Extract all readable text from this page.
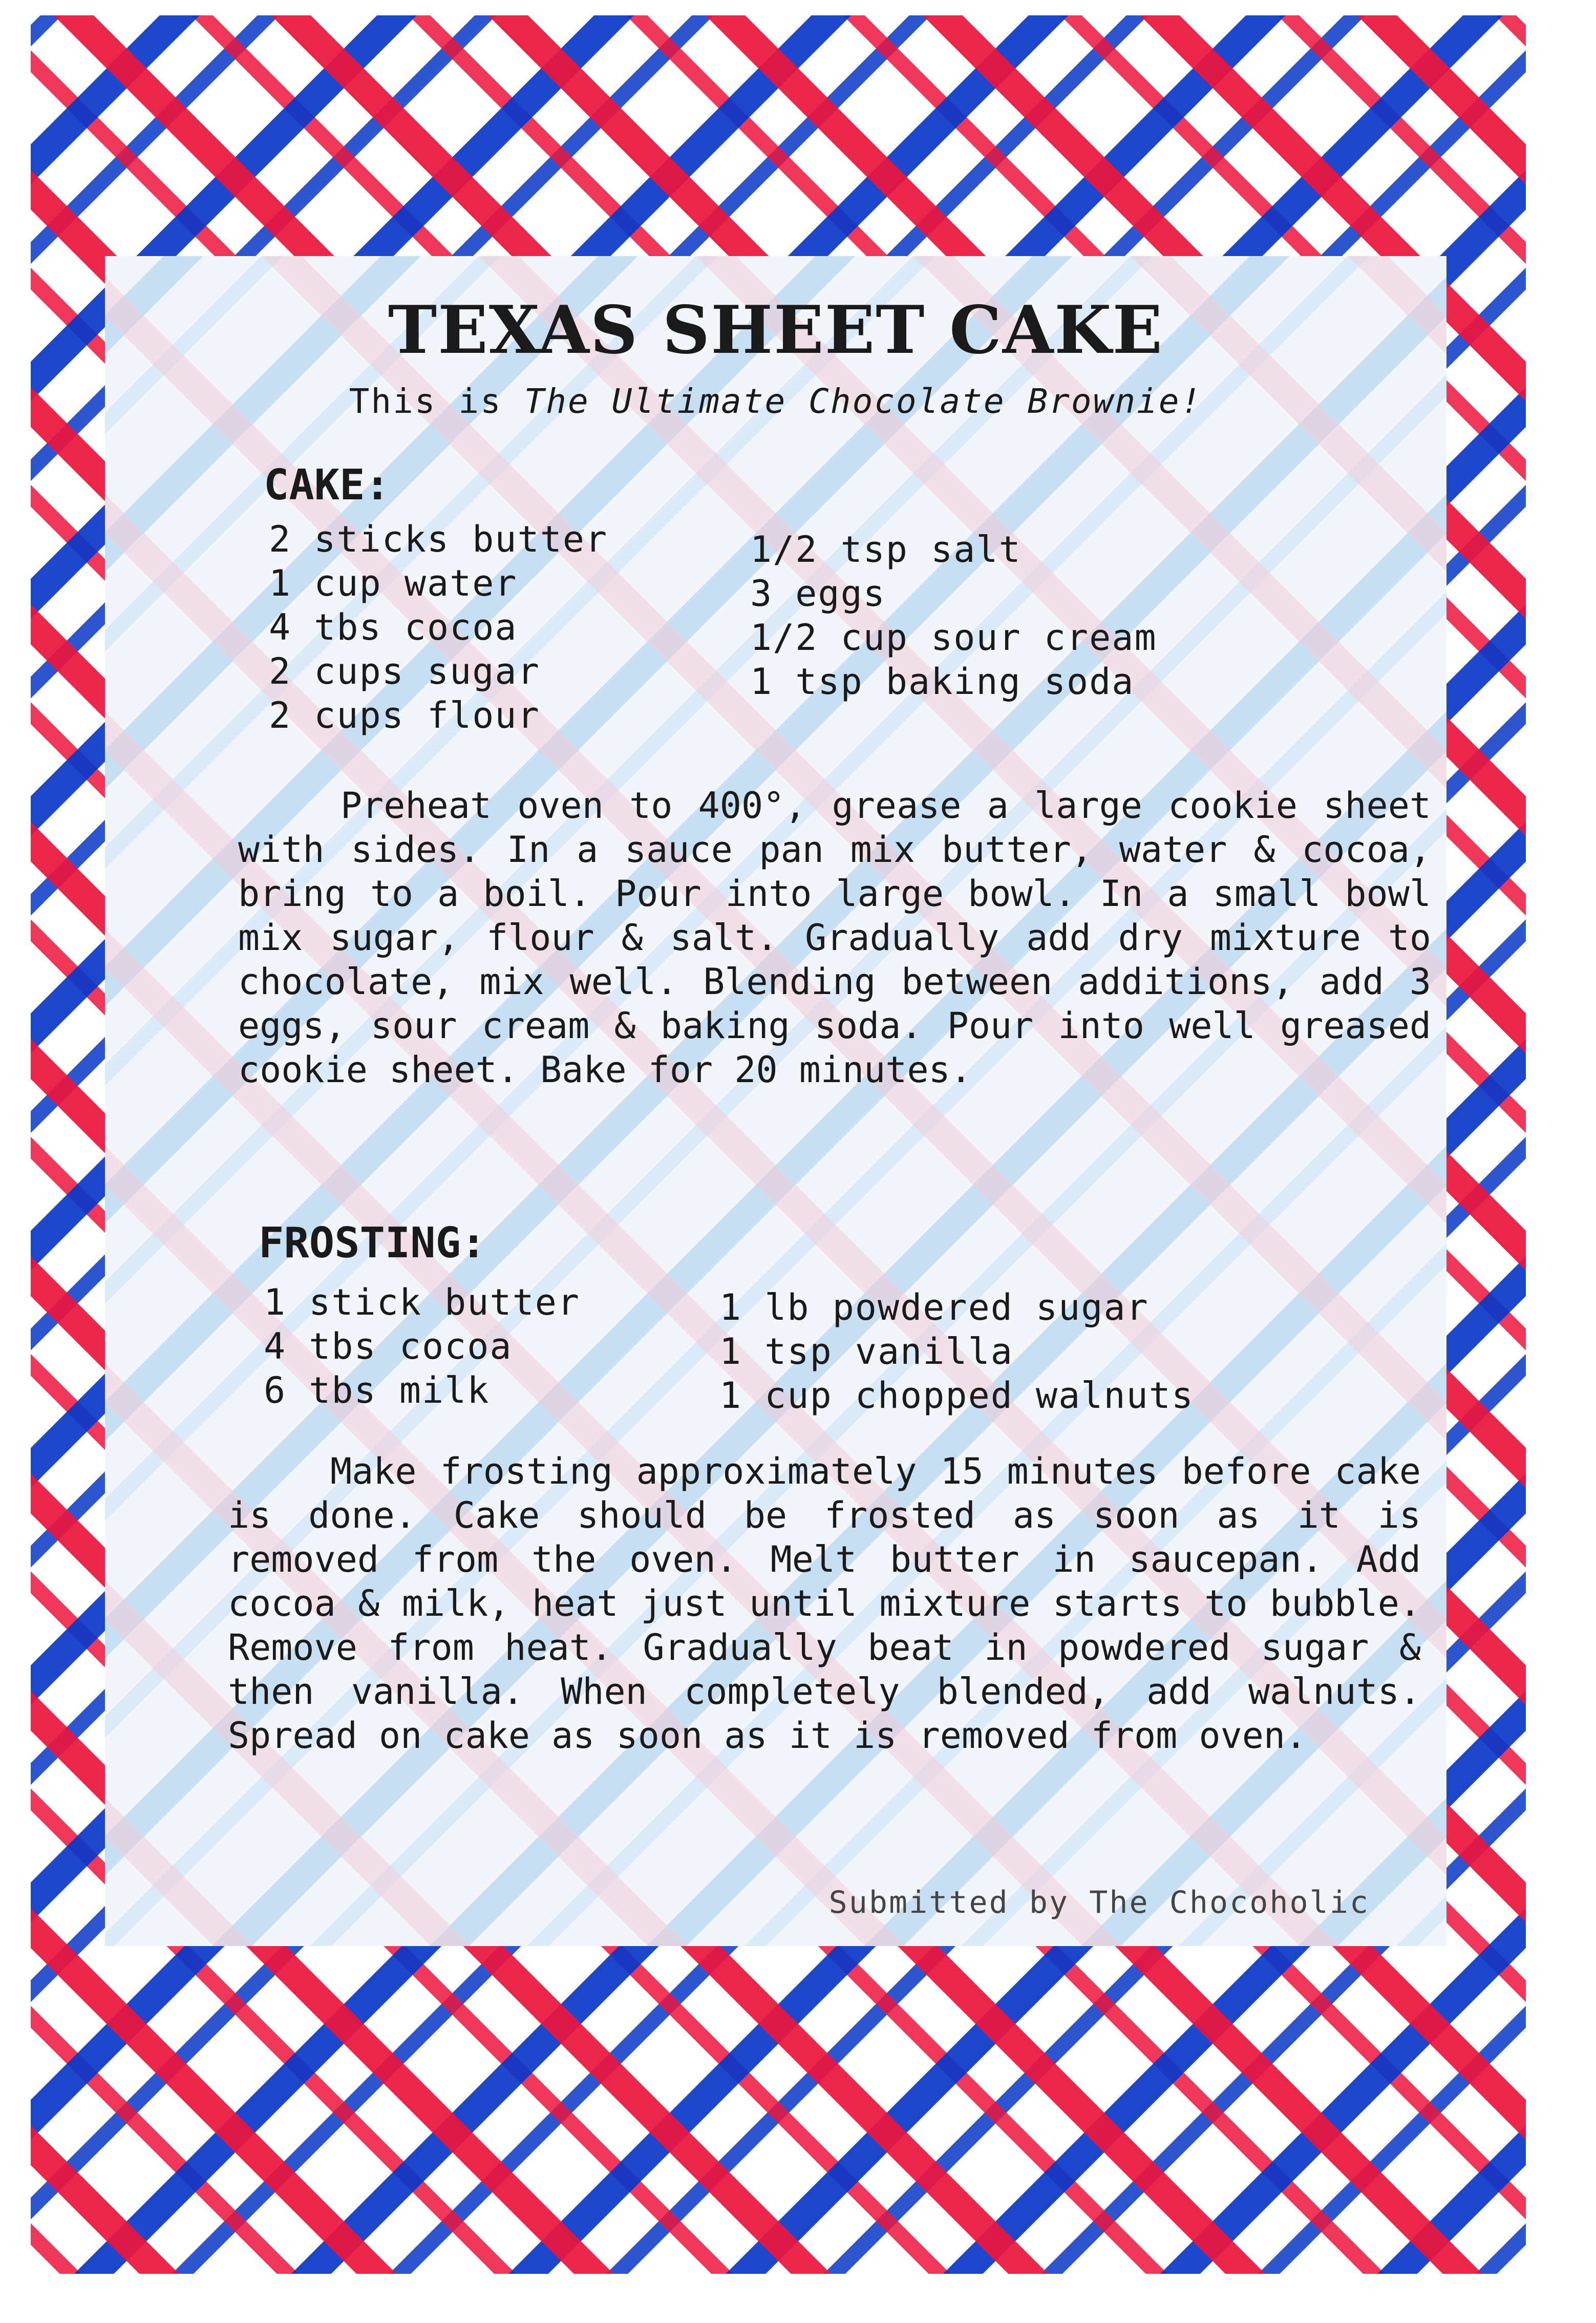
TEXAS SHEET CAKE

This is The Ultimate Chocolate Brownie!

CAKE:
2 sticks butter
1 cup water
4 tbs cocoa
2 cups sugar
2 cups flour
1/2 tsp salt
3 eggs
1/2 cup sour cream
1 tsp baking soda

Preheat oven to 400°, grease a large cookie sheet with sides. In a sauce pan mix butter, water & cocoa, bring to a boil. Pour into large bowl. In a small bowl mix sugar, flour & salt. Gradually add dry mixture to chocolate, mix well. Blending between additions, add 3 eggs, sour cream & baking soda. Pour into well greased cookie sheet. Bake for 20 minutes.

FROSTING:
1 stick butter
4 tbs cocoa
6 tbs milk
1 lb powdered sugar
1 tsp vanilla
1 cup chopped walnuts

Make frosting approximately 15 minutes before cake is done. Cake should be frosted as soon as it is removed from the oven. Melt butter in saucepan. Add cocoa & milk, heat just until mixture starts to bubble. Remove from heat. Gradually beat in powdered sugar & then vanilla. When completely blended, add walnuts. Spread on cake as soon as it is removed from oven.

Submitted by The Chocoholic
